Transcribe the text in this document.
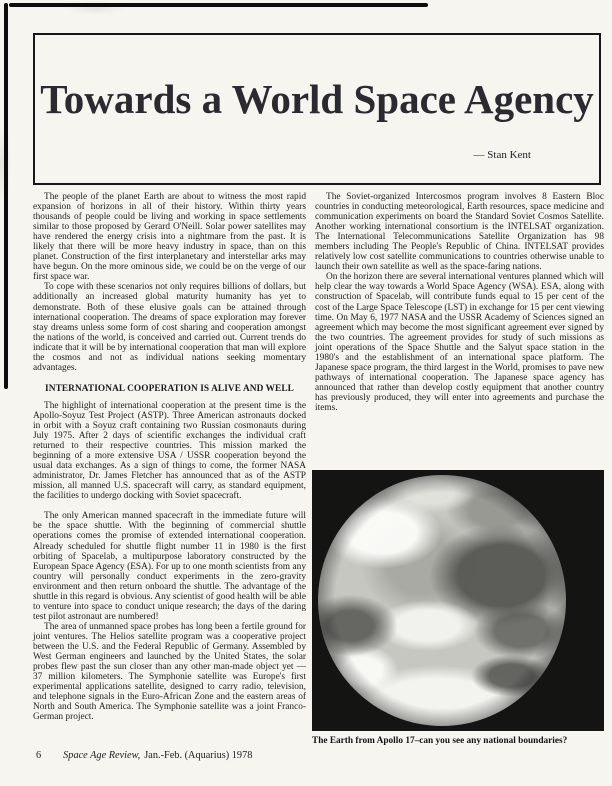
Towards a World Space Agency
— Stan Kent

The people of the planet Earth are about to witness the most rapid expansion of horizons in all of their history. Within thirty years thousands of people could be living and working in space settlements similar to those proposed by Gerard O'Neill. Solar power satellites may have rendered the energy crisis into a nightmare from the past. It is likely that there will be more heavy industry in space, than on this planet. Construction of the first interplanetary and interstellar arks may have begun. On the more ominous side, we could be on the verge of our first space war.

To cope with these scenarios not only requires billions of dollars, but additionally an increased global maturity humanity has yet to demonstrate. Both of these elusive goals can be attained through international cooperation. The dreams of space exploration may forever stay dreams unless some form of cost sharing and cooperation amongst the nations of the world, is conceived and carried out. Current trends do indicate that it will be by international cooperation that man will explore the cosmos and not as individual nations seeking momentary advantages.

INTERNATIONAL COOPERATION IS ALIVE AND WELL

The highlight of international cooperation at the present time is the Apollo-Soyuz Test Project (ASTP). Three American astronauts docked in orbit with a Soyuz craft containing two Russian cosmonauts during July 1975. After 2 days of scientific exchanges the individual craft returned to their respective countries. This mission marked the beginning of a more extensive USA / USSR cooperation beyond the usual data exchanges. As a sign of things to come, the former NASA administrator, Dr. James Fletcher has announced that as of the ASTP mission, all manned U.S. spacecraft will carry, as standard equipment, the facilities to undergo docking with Soviet spacecraft.

The only American manned spacecraft in the immediate future will be the space shuttle. With the beginning of commercial shuttle operations comes the promise of extended international cooperation. Already scheduled for shuttle flight number 11 in 1980 is the first orbiting of Spacelab, a multipurpose laboratory constructed by the European Space Agency (ESA). For up to one month scientists from any country will personally conduct experiments in the zero-gravity environment and then return onboard the shuttle. The advantage of the shuttle in this regard is obvious. Any scientist of good health will be able to venture into space to conduct unique research; the days of the daring test pilot astronaut are numbered!

The area of unmanned space probes has long been a fertile ground for joint ventures. The Helios satellite program was a cooperative project between the U.S. and the Federal Republic of Germany. Assembled by West German engineers and launched by the United States, the solar probes flew past the sun closer than any other man-made object yet — 37 million kilometers. The Symphonie satellite was Europe's first experimental applications satellite, designed to carry radio, television, and telephone signals in the Euro-African Zone and the eastern areas of North and South America. The Symphonie satellite was a joint Franco-German project.

The Soviet-organized Intercosmos program involves 8 Eastern Bloc countries in conducting meteorological, Earth resources, space medicine and communication experiments on board the Standard Soviet Cosmos Satellite. Another working international consortium is the INTELSAT organization. The International Telecommunications Satellite Organization has 98 members including The People's Republic of China. INTELSAT provides relatively low cost satellite communications to countries otherwise unable to launch their own satellite as well as the space-faring nations.

On the horizon there are several international ventures planned which will help clear the way towards a World Space Agency (WSA). ESA, along with construction of Spacelab, will contribute funds equal to 15 per cent of the cost of the Large Space Telescope (LST) in exchange for 15 per cent viewing time. On May 6, 1977 NASA and the USSR Academy of Sciences signed an agreement which may become the most significant agreement ever signed by the two countries. The agreement provides for study of such missions as joint operations of the Space Shuttle and the Salyut space station in the 1980's and the establishment of an international space platform. The Japanese space program, the third largest in the World, promises to pave new pathways of international cooperation. The Japanese space agency has announced that rather than develop costly equipment that another country has previously produced, they will enter into agreements and purchase the items.

The Earth from Apollo 17–can you see any national boundaries?
6 Space Age Review, Jan.-Feb. (Aquarius) 1978
